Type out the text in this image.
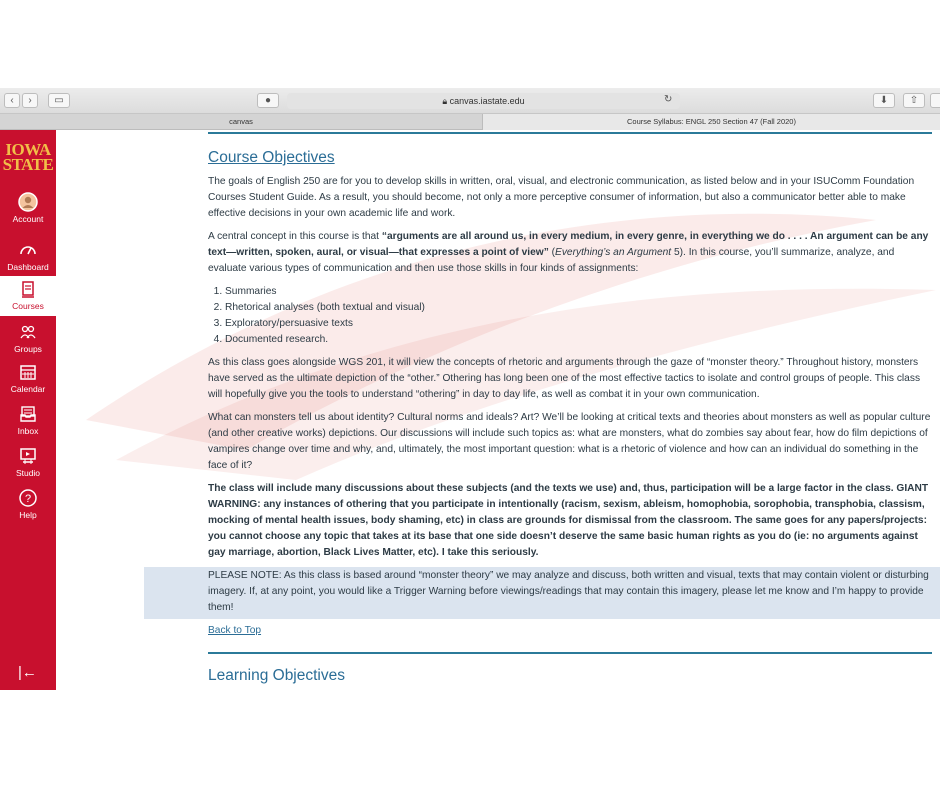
‹	›	▭	●	🔒︎ canvas.iastate.edu	↻	⬇	⇧
canvas	Course Syllabus: ENGL 250 Section 47 (Fall 2020)
IOWA
STATE
Account
Dashboard
Courses
Groups
Calendar
Inbox
Studio
?
Help
|←
Course Objectives

The goals of English 250 are for you to develop skills in written, oral, visual, and electronic communication, as listed below and in your ISUComm Foundation Courses Student Guide. As a result, you should become, not only a more perceptive consumer of information, but also a communicator better able to make effective decisions in your own academic life and work.

A central concept in this course is that “arguments are all around us, in every medium, in every genre, in everything we do . . . . An argument can be any text—written, spoken, aural, or visual—that expresses a point of view” (Everything’s an Argument 5). In this course, you’ll summarize, analyze, and evaluate various types of communication and then use those skills in four kinds of assignments:

1. Summaries
2. Rhetorical analyses (both textual and visual)
3. Exploratory/persuasive texts
4. Documented research.

As this class goes alongside WGS 201, it will view the concepts of rhetoric and arguments through the gaze of “monster theory.” Throughout history, monsters have served as the ultimate depiction of the “other.” Othering has long been one of the most effective tactics to isolate and control groups of people. This class will hopefully give you the tools to understand “othering” in day to day life, as well as combat it in your own communication.

What can monsters tell us about identity? Cultural norms and ideals? Art? We’ll be looking at critical texts and theories about monsters as well as popular culture (and other creative works) depictions. Our discussions will include such topics as: what are monsters, what do zombies say about fear, how do film depictions of vampires change over time and why, and, ultimately, the most important question: what is a rhetoric of violence and how can an individual do something in the face of it?

The class will include many discussions about these subjects (and the texts we use) and, thus, participation will be a large factor in the class. GIANT WARNING: any instances of othering that you participate in intentionally (racism, sexism, ableism, homophobia, sorophobia, transphobia, classism, mocking of mental health issues, body shaming, etc) in class are grounds for dismissal from the classroom. The same goes for any papers/projects: you cannot choose any topic that takes at its base that one side doesn’t deserve the same basic human rights as you do (ie: no arguments against gay marriage, abortion, Black Lives Matter, etc). I take this seriously.

PLEASE NOTE: As this class is based around “monster theory” we may analyze and discuss, both written and visual, texts that may contain violent or disturbing imagery. If, at any point, you would like a Trigger Warning before viewings/readings that may contain this imagery, please let me know and I’m happy to provide them!

Back to Top
Learning Objectives
